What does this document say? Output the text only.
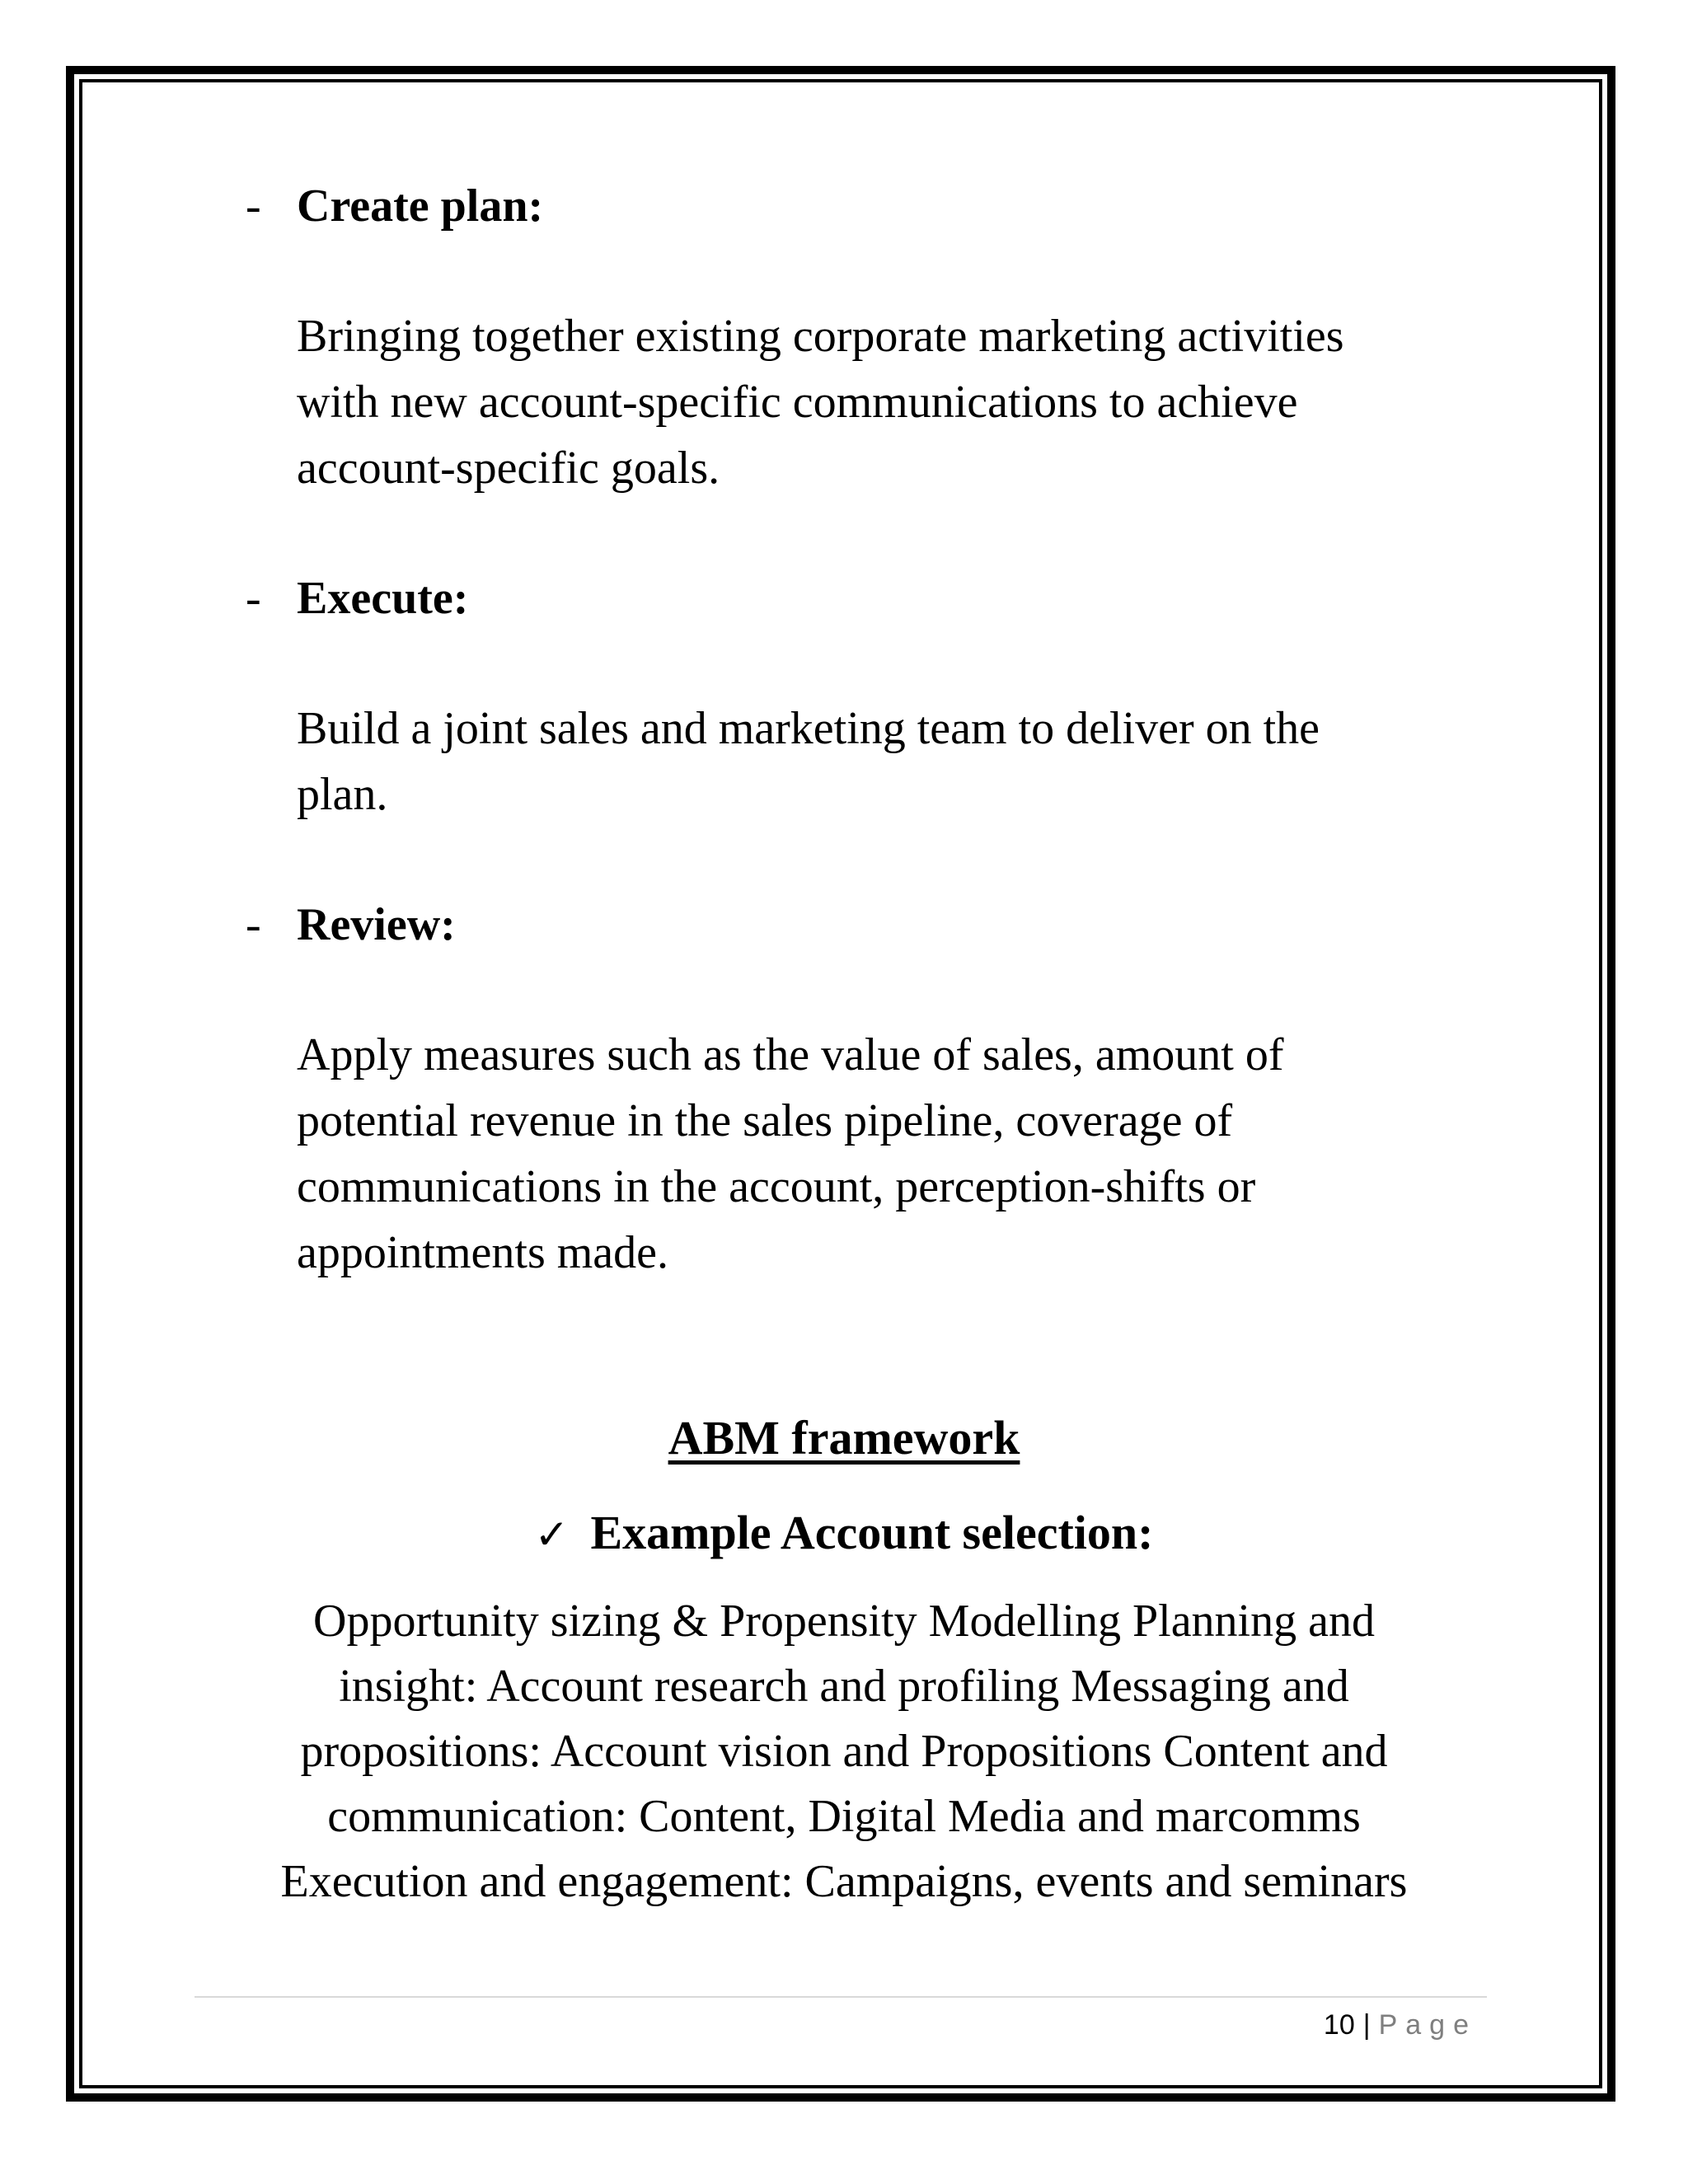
- Create plan:
Bringing together existing corporate marketing activities
with new account-specific communications to achieve
account-specific goals.
- Execute:
Build a joint sales and marketing team to deliver on the
plan.
- Review:
Apply measures such as the value of sales, amount of
potential revenue in the sales pipeline, coverage of
communications in the account, perception-shifts or
appointments made.
ABM framework
✓ Example Account selection:
Opportunity sizing & Propensity Modelling Planning and
insight: Account research and profiling Messaging and
propositions: Account vision and Propositions Content and
communication: Content, Digital Media and marcomms
Execution and engagement: Campaigns, events and seminars
10 | Page
